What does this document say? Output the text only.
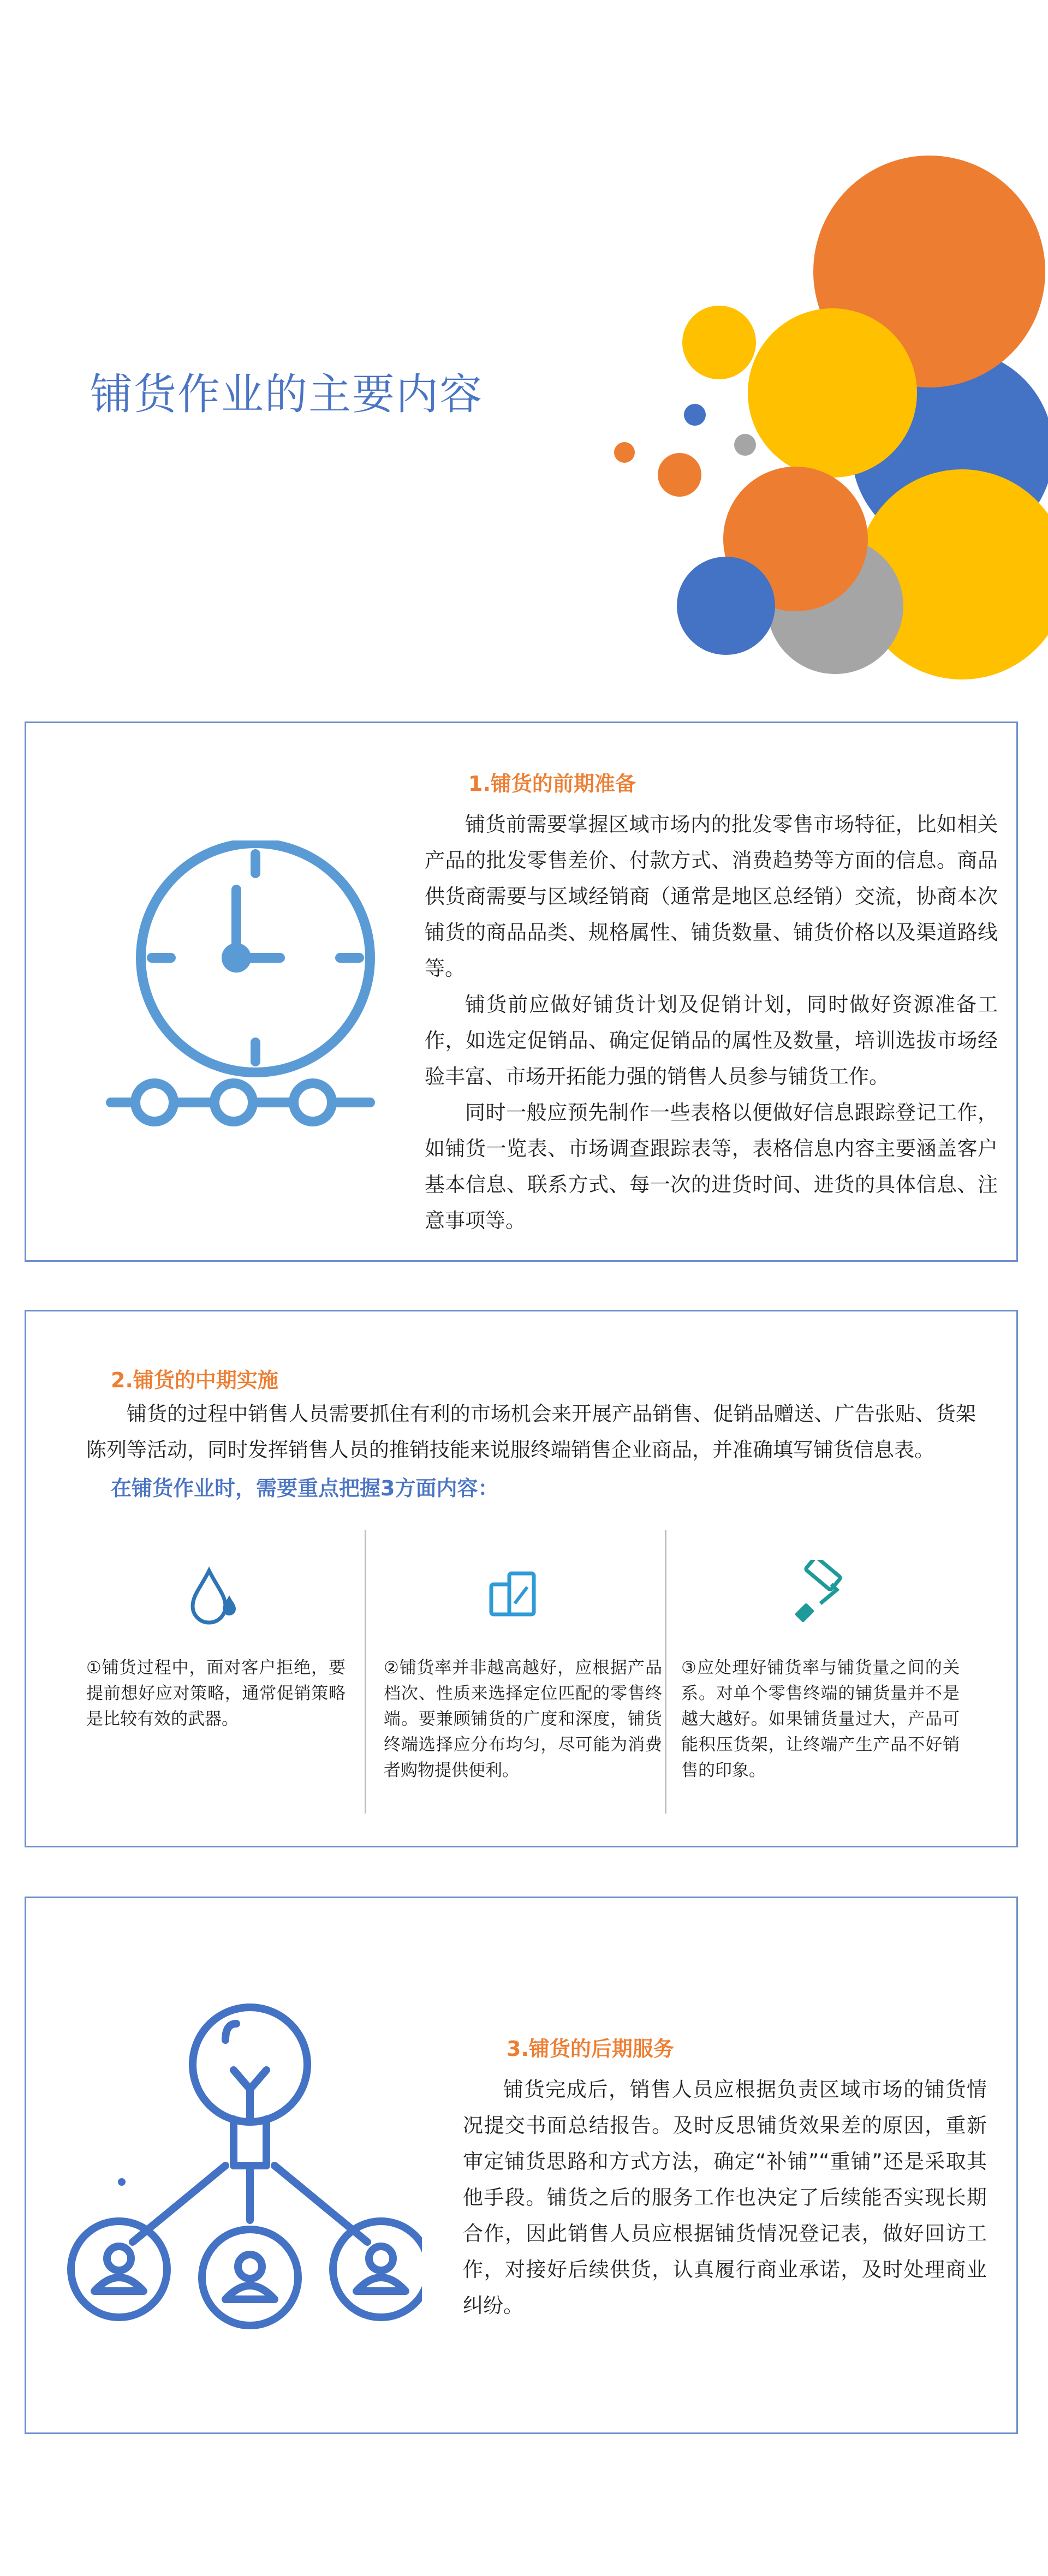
铺货作业的主要内容
1.铺货的前期准备

铺货前需要掌握区域市场内的批发零售市场特征，比如相关产品的批发零售差价、付款方式、消费趋势等方面的信息。商品供货商需要与区域经销商（通常是地区总经销）交流，协商本次铺货的商品品类、规格属性、铺货数量、铺货价格以及渠道路线等。

铺货前应做好铺货计划及促销计划，同时做好资源准备工作，如选定促销品、确定促销品的属性及数量，培训选拔市场经验丰富、市场开拓能力强的销售人员参与铺货工作。

同时一般应预先制作一些表格以便做好信息跟踪登记工作，如铺货一览表、市场调查跟踪表等，表格信息内容主要涵盖客户基本信息、联系方式、每一次的进货时间、进货的具体信息、注意事项等。

2.铺货的中期实施

铺货的过程中销售人员需要抓住有利的市场机会来开展产品销售、促销品赠送、广告张贴、货架陈列等活动，同时发挥销售人员的推销技能来说服终端销售企业商品，并准确填写铺货信息表。

在铺货作业时，需要重点把握3方面内容：
①铺货过程中，面对客户拒绝，要提前想好应对策略，通常促销策略是比较有效的武器。
②铺货率并非越高越好，应根据产品档次、性质来选择定位匹配的零售终端。要兼顾铺货的广度和深度，铺货终端选择应分布均匀，尽可能为消费者购物提供便利。
③应处理好铺货率与铺货量之间的关系。对单个零售终端的铺货量并不是越大越好。如果铺货量过大，产品可能积压货架，让终端产生产品不好销售的印象。
3.铺货的后期服务

铺货完成后，销售人员应根据负责区域市场的铺货情况提交书面总结报告。及时反思铺货效果差的原因，重新审定铺货思路和方式方法，确定“补铺”“重铺”还是采取其他手段。铺货之后的服务工作也决定了后续能否实现长期合作，因此销售人员应根据铺货情况登记表，做好回访工作，对接好后续供货，认真履行商业承诺，及时处理商业纠纷。
